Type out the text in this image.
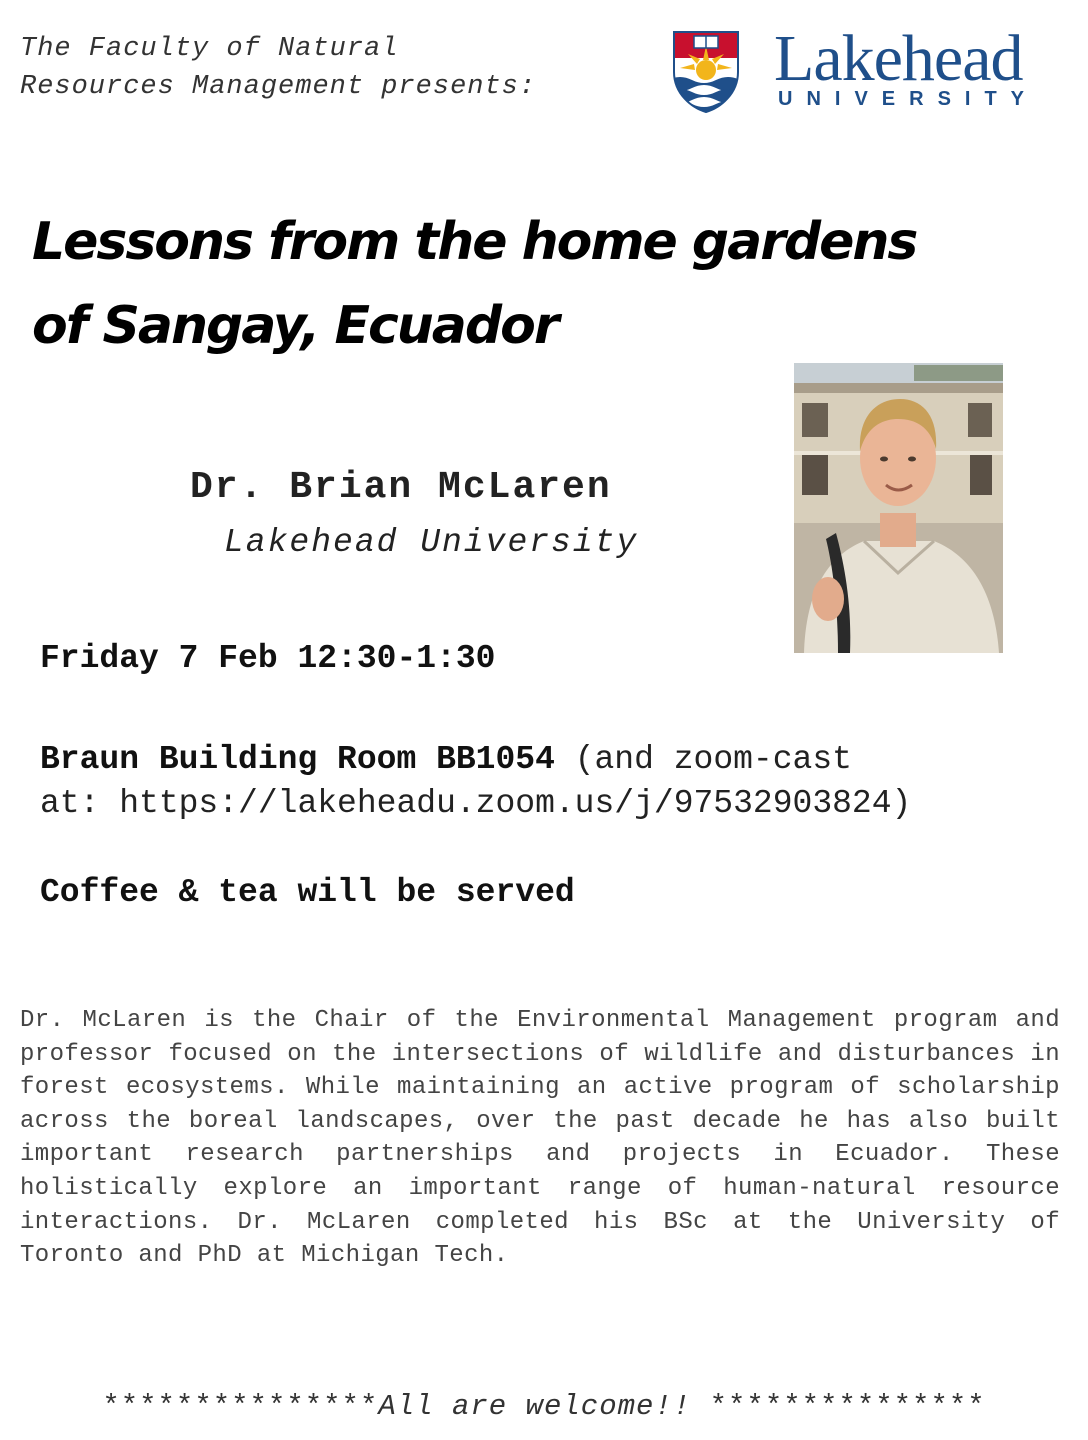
The Faculty of Natural
Resources Management presents:	Lakehead
UNIVERSITY
Lessons from the home gardens
of Sangay, Ecuador
Dr. Brian McLaren
Lakehead University
Friday 7 Feb 12:30-1:30
Braun Building Room BB1054 (and zoom-cast
at: https://lakeheadu.zoom.us/j/97532903824)
Coffee & tea will be served
Dr. McLaren is the Chair of the Environmental Management program and professor focused on the intersections of wildlife and disturbances in forest ecosystems. While maintaining an active program of scholarship across the boreal landscapes, over the past decade he has also built important research partnerships and projects in Ecuador. These holistically explore an important range of human-natural resource interactions. Dr. McLaren completed his BSc at the University of Toronto and PhD at Michigan Tech.
***************All are welcome!! ***************
